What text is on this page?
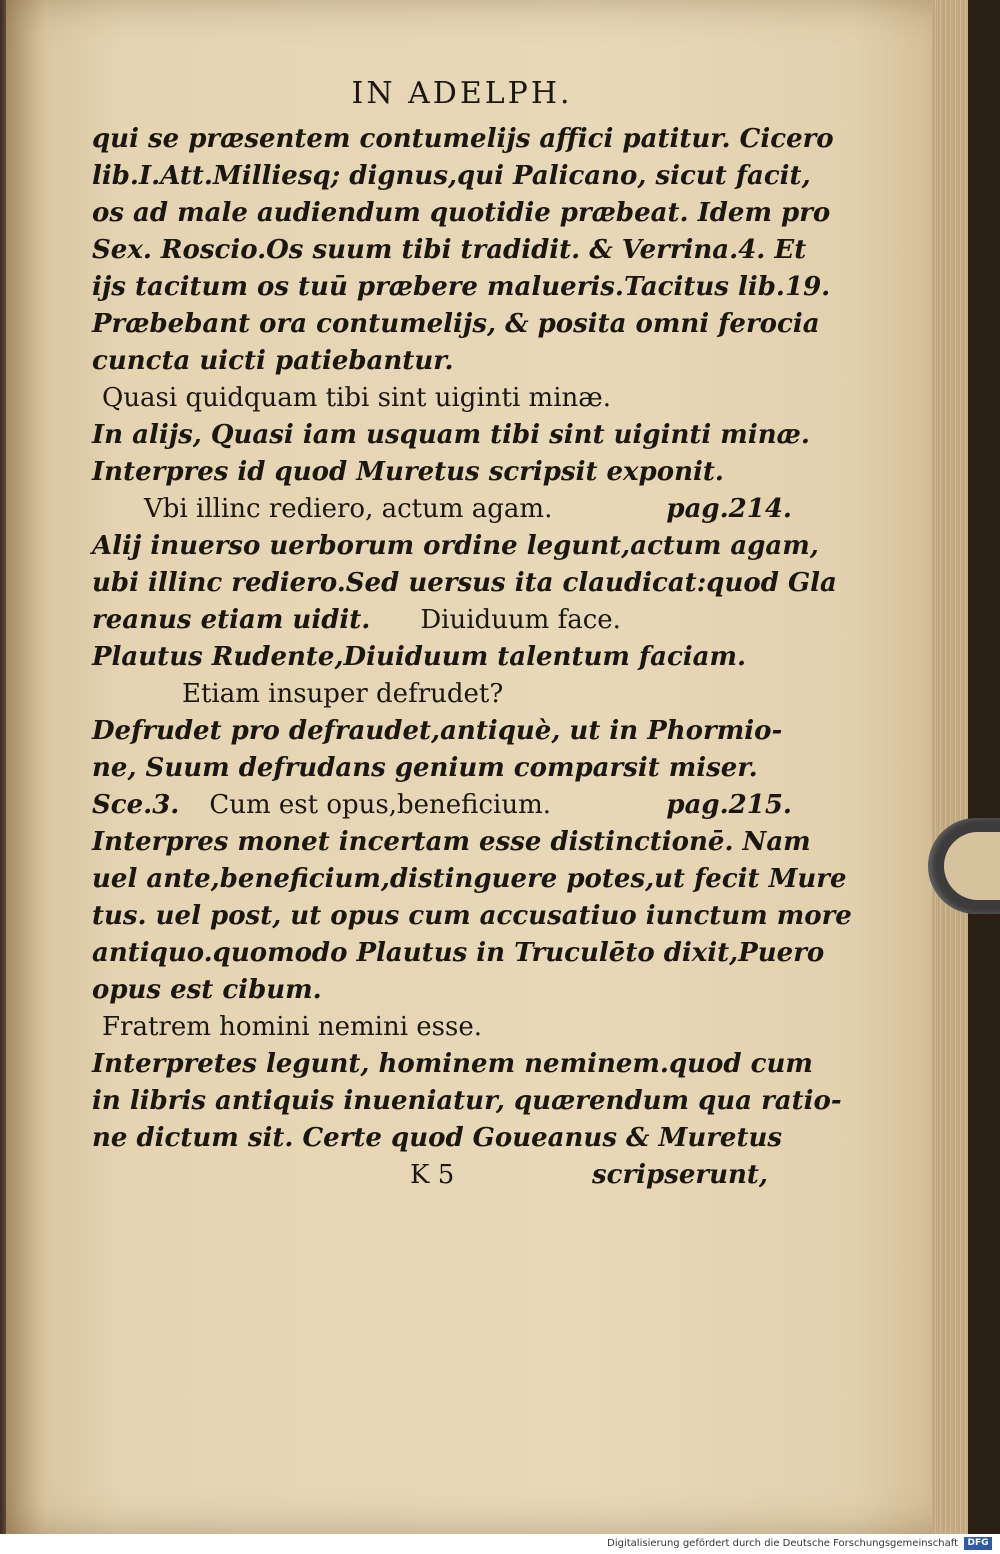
IN ADELPH.
qui se præsentem contumelijs affici patitur. Cicero
lib.I.Att.Milliesq; dignus,qui Palicano, sicut facit,
os ad male audiendum quotidie præbeat. Idem pro
Sex. Roscio.Os suum tibi tradidit. & Verrina.4. Et
ijs tacitum os tuū præbere malueris.Tacitus lib.19.
Præbebant ora contumelijs, & posita omni ferocia
cuncta uicti patiebantur.
Quasi quidquam tibi sint uiginti minæ.
In alijs, Quasi iam usquam tibi sint uiginti minæ.
Interpres id quod Muretus scripsit exponit.
Vbi illinc rediero, actum agam.	pag.214.
Alij inuerso uerborum ordine legunt,actum agam,
ubi illinc rediero.Sed uersus ita claudicat:quod Gla
reanus etiam uidit. Diuiduum face.
Plautus Rudente,Diuiduum talentum faciam.
Etiam insuper defrudet?
Defrudet pro defraudet,antiquè, ut in Phormio-
ne, Suum defrudans genium comparsit miser.
Sce.3. Cum est opus,beneficium.	pag.215.
Interpres monet incertam esse distinctionē. Nam
uel ante,beneficium,distinguere potes,ut fecit Mure
tus. uel post, ut opus cum accusatiuo iunctum more
antiquo.quomodo Plautus in Truculēto dixit,Puero
opus est cibum.
Fratrem homini nemini esse.
Interpretes legunt, hominem neminem.quod cum
in libris antiquis inueniatur, quærendum qua ratio-
ne dictum sit. Certe quod Goueanus & Muretus
K 5	scripserunt,
Digitalisierung gefördert durch die Deutsche Forschungsgemeinschaft	DFG
